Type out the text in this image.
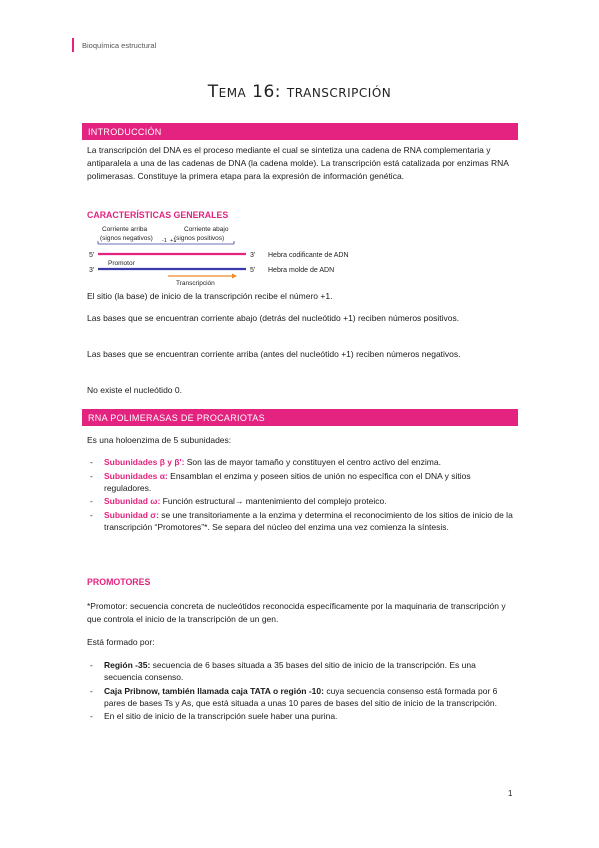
Bioquímica estructural
Tema 16: transcripción
INTRODUCCIÓN
La transcripción del DNA es el proceso mediante el cual se sintetiza una cadena de RNA complementaria y antiparalela a una de las cadenas de DNA (la cadena molde). La transcripción está catalizada por enzimas RNA polimerasas. Constituye la primera etapa para la expresión de información genética.
CARACTERÍSTICAS GENERALES
Corriente arriba
(signos negativos) -1
Corriente abajo
(signos positivos)
+1
5'	3' Hebra codificante de ADN
Promotor
3'	5' Hebra molde de ADN
Transcripción
El sitio (la base) de inicio de la transcripción recibe el número +1.
Las bases que se encuentran corriente abajo (detrás del nucleótido +1) reciben números positivos.
Las bases que se encuentran corriente arriba (antes del nucleótido +1) reciben números negativos.
No existe el nucleótido 0.
RNA POLIMERASAS DE PROCARIOTAS
Es una holoenzima de 5 subunidades:
- Subunidades β y β': Son las de mayor tamaño y constituyen el centro activo del enzima.
- Subunidades α: Ensamblan el enzima y poseen sitios de unión no específica con el DNA y sitios reguladores.
- Subunidad ω: Función estructural→ mantenimiento del complejo proteico.
- Subunidad σ: se une transitoriamente a la enzima y determina el reconocimiento de los sitios de inicio de la transcripción “Promotores”*. Se separa del núcleo del enzima una vez comienza la síntesis.
PROMOTORES
*Promotor: secuencia concreta de nucleótidos reconocida específicamente por la maquinaria de transcripción y que controla el inicio de la transcripción de un gen.
Está formado por:
- Región -35: secuencia de 6 bases situada a 35 bases del sitio de inicio de la transcripción. Es una secuencia consenso.
- Caja Pribnow, también llamada caja TATA o región -10: cuya secuencia consenso está formada por 6 pares de bases Ts y As, que está situada a unas 10 pares de bases del sitio de inicio de la transcripción.
- En el sitio de inicio de la transcripción suele haber una purina.
1
